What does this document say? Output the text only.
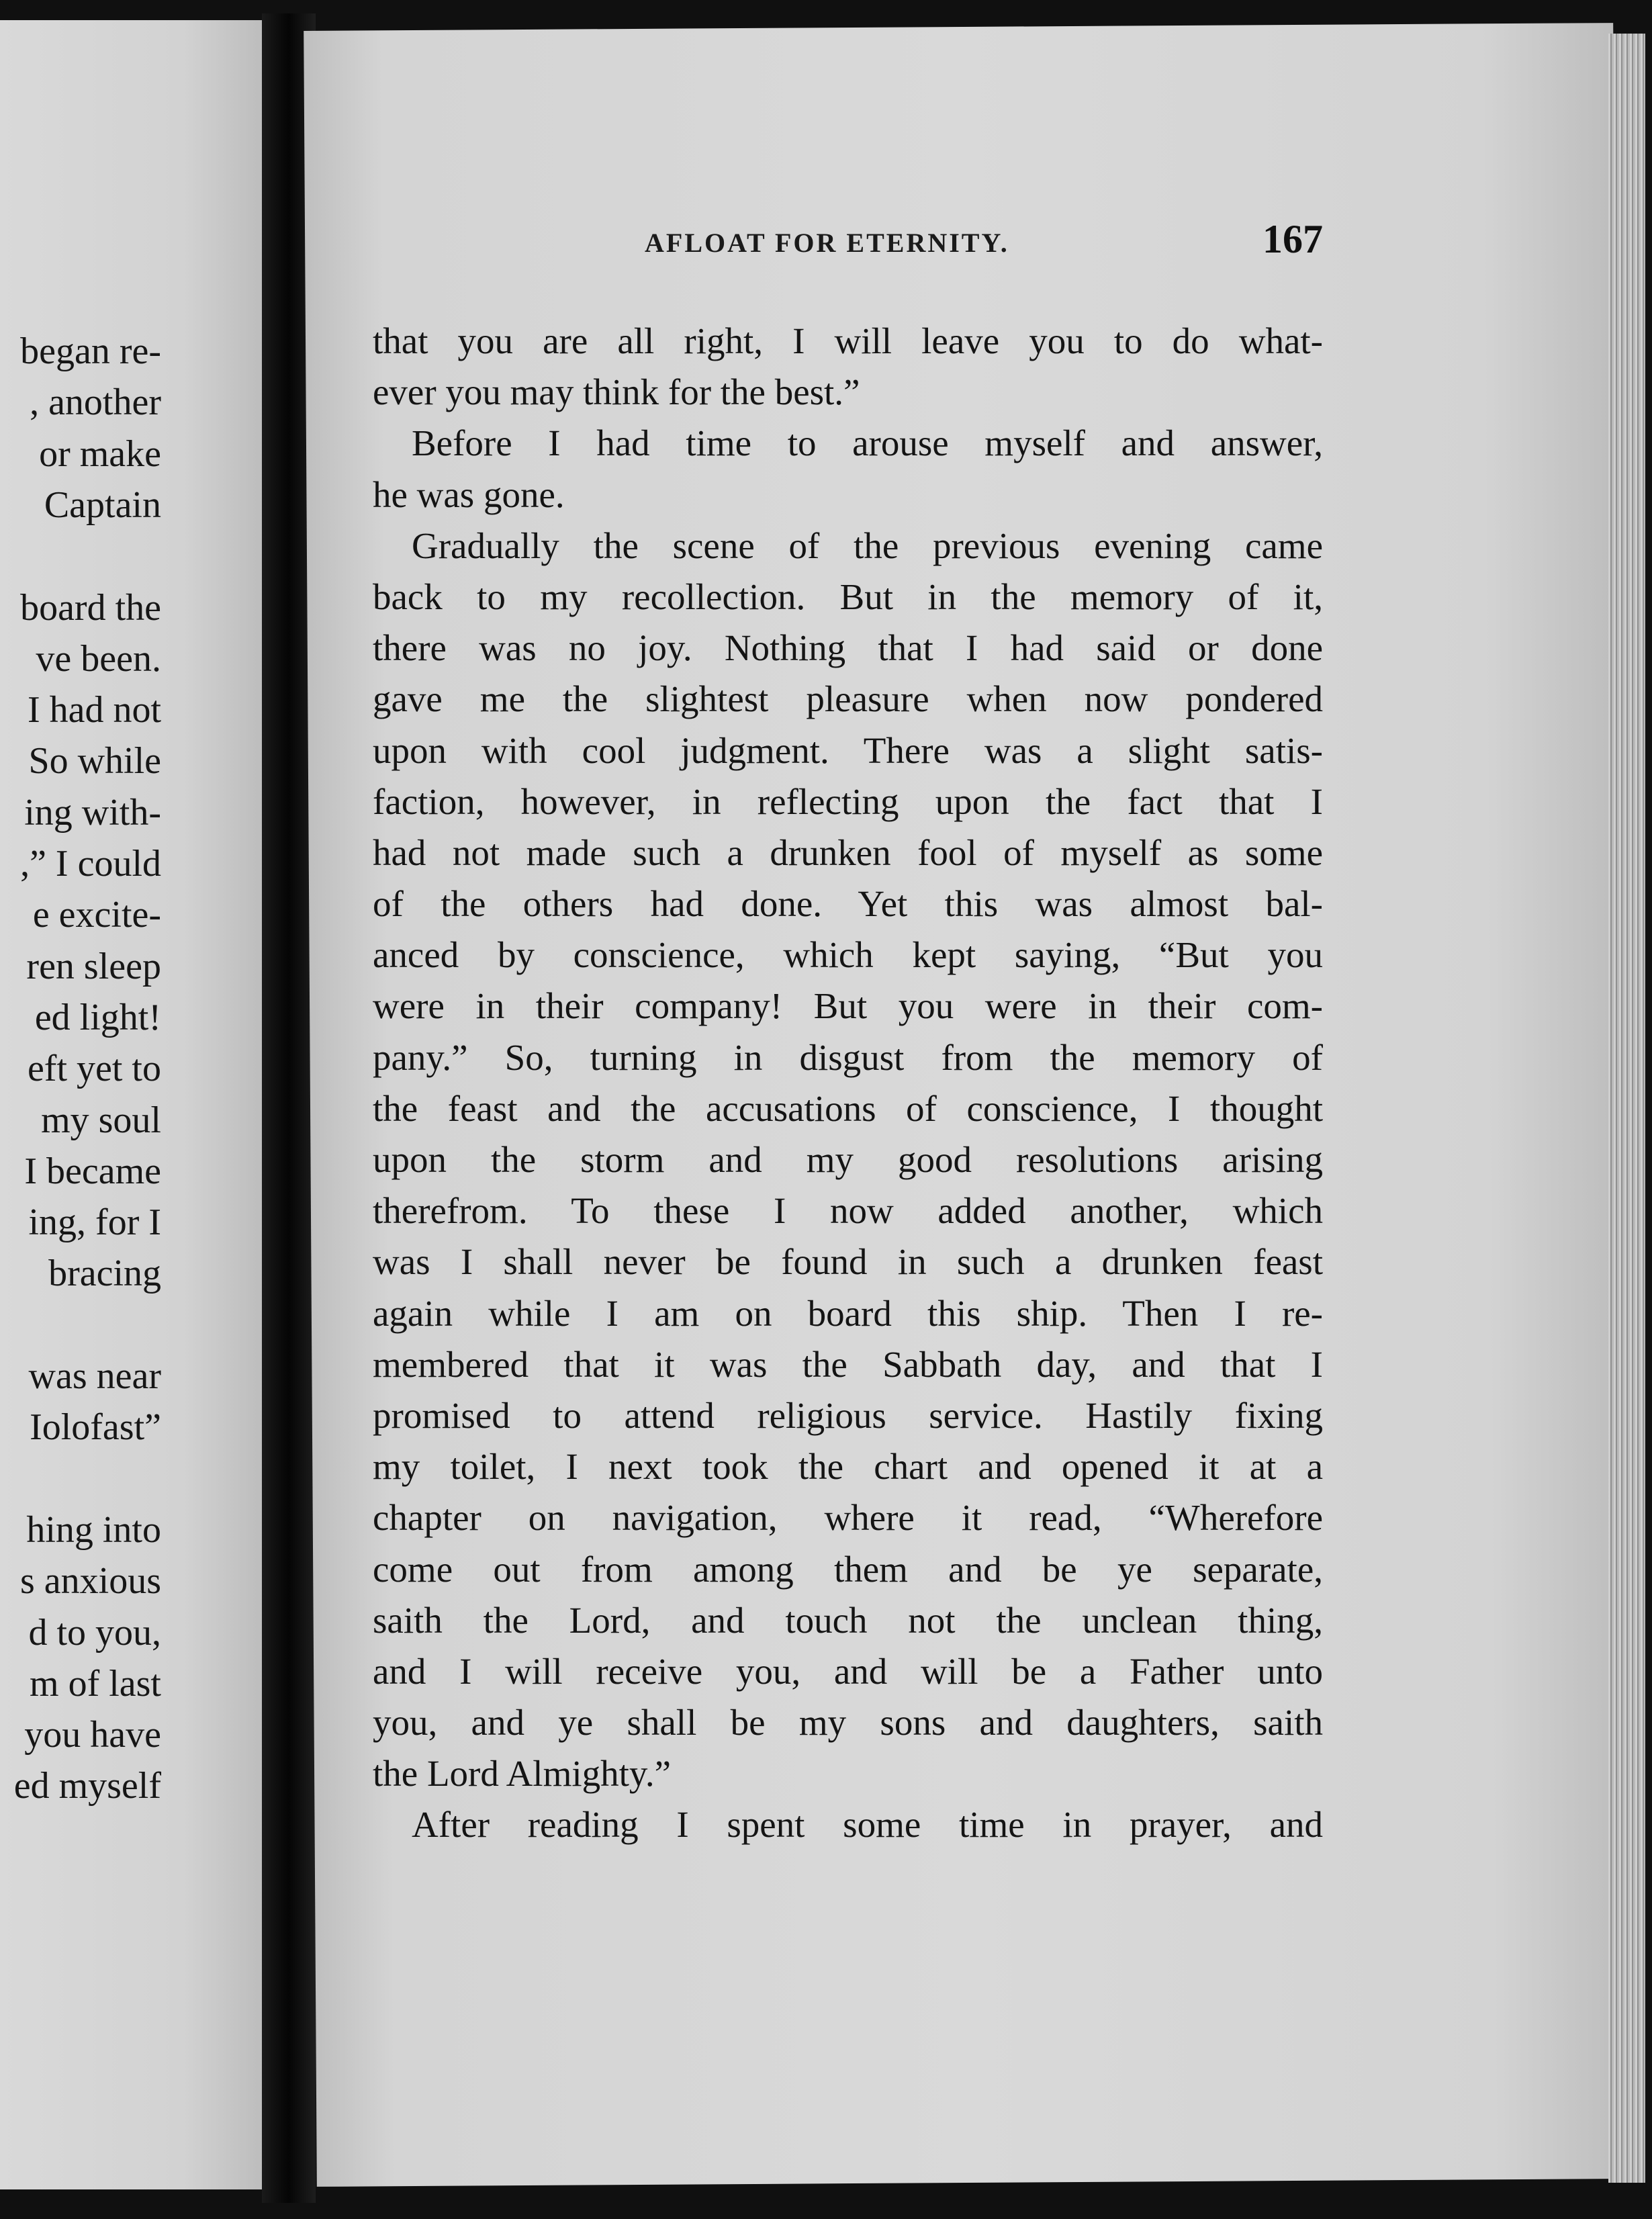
began re-
, another
or make
Captain
board the
ve been.
I had not
So while
ing with-
,” I could
e excite-
ren sleep
ed light!
eft yet to
my soul
I became
ing, for I
bracing
was near
Iolofast”
hing into
s anxious
d to you,
m of last
you have
ed myself
AFLOAT FOR ETERNITY.	167
that you are all right, I will leave you to do what-
ever you may think for the best.”
Before I had time to arouse myself and answer,
he was gone.
Gradually the scene of the previous evening came
back to my recollection. But in the memory of it,
there was no joy. Nothing that I had said or done
gave me the slightest pleasure when now pondered
upon with cool judgment. There was a slight satis-
faction, however, in reflecting upon the fact that I
had not made such a drunken fool of myself as some
of the others had done. Yet this was almost bal-
anced by conscience, which kept saying, “But you
were in their company! But you were in their com-
pany.” So, turning in disgust from the memory of
the feast and the accusations of conscience, I thought
upon the storm and my good resolutions arising
therefrom. To these I now added another, which
was I shall never be found in such a drunken feast
again while I am on board this ship. Then I re-
membered that it was the Sabbath day, and that I
promised to attend religious service. Hastily fixing
my toilet, I next took the chart and opened it at a
chapter on navigation, where it read, “Wherefore
come out from among them and be ye separate,
saith the Lord, and touch not the unclean thing,
and I will receive you, and will be a Father unto
you, and ye shall be my sons and daughters, saith
the Lord Almighty.”
After reading I spent some time in prayer, and
